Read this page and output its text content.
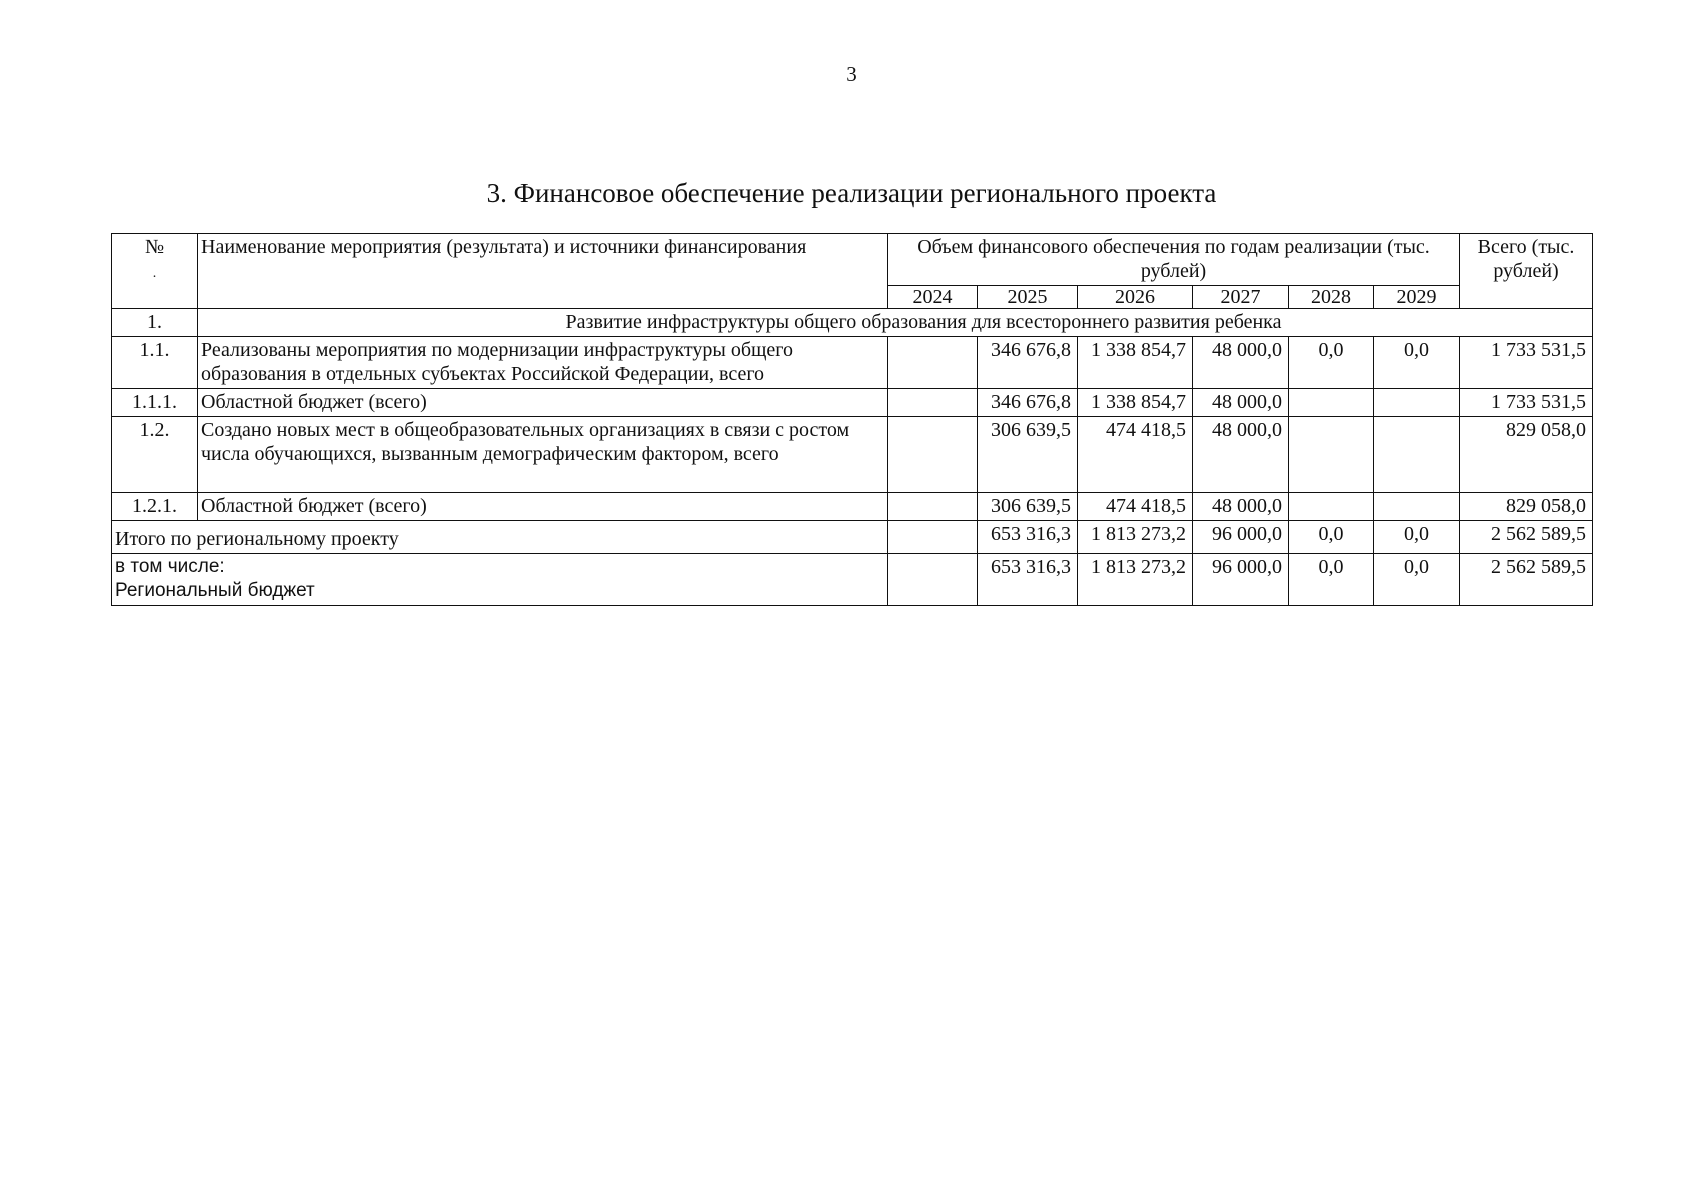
3
3. Финансовое обеспечение реализации регионального проекта
№
.	Наименование мероприятия (результата) и источники финансирования	Объем финансового обеспечения по годам реализации (тыс. рублей)						Всего (тыс. рублей)
		2024	2025	2026	2027	2028	2029	
1.	Развитие инфраструктуры общего образования для всестороннего развития ребенка							
1.1.	Реализованы мероприятия по модернизации инфраструктуры общего образования в отдельных субъектах Российской Федерации, всего		346 676,8	1 338 854,7	48 000,0	0,0	0,0	1 733 531,5
1.1.1.	Областной бюджет (всего)		346 676,8	1 338 854,7	48 000,0			1 733 531,5
1.2.	Создано новых мест в общеобразовательных организациях в связи с ростом числа обучающихся, вызванным демографическим фактором, всего		306 639,5	474 418,5	48 000,0			829 058,0
1.2.1.	Областной бюджет (всего)		306 639,5	474 418,5	48 000,0			829 058,0
Итого по региональному проекту			653 316,3	1 813 273,2	96 000,0	0,0	0,0	2 562 589,5
в том числе:
Региональный бюджет			653 316,3	1 813 273,2	96 000,0	0,0	0,0	2 562 589,5
